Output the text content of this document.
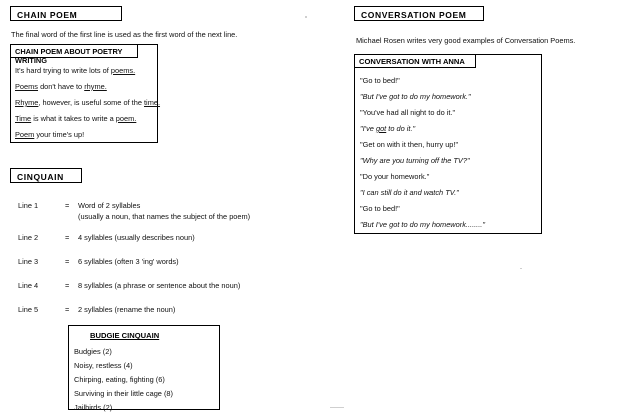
CHAIN POEM
The final word of the first line is used as the first word of the next line.
CHAIN POEM ABOUT POETRY WRITING
It's hard trying to write lots of poems.
Poems don't have to rhyme.
Rhyme, however, is useful some of the time.
Time is what it takes to write a poem.
Poem your time's up!
CINQUAIN
Line 1	= Word of 2 syllables
(usually a noun, that names the subject of the poem)
Line 2	= 4 syllables (usually describes noun)
Line 3	= 6 syllables (often 3 'ing' words)
Line 4	= 8 syllables (a phrase or sentence about the noun)
Line 5	= 2 syllables (rename the noun)
BUDGIE CINQUAIN
Budgies (2)
Noisy, restless (4)
Chirping, eating, fighting (6)
Surviving in their little cage (8)
Jailbirds (2)
CONVERSATION POEM
Michael Rosen writes very good examples of Conversation Poems.
CONVERSATION WITH ANNA
"Go to bed!"
"But I've got to do my homework."
"You've had all night to do it."
"I've got to do it."
"Get on with it then, hurry up!"
"Why are you turning off the TV?"
"Do your homework."
"I can still do it and watch TV."
"Go to bed!"
"But I've got to do my homework........"
